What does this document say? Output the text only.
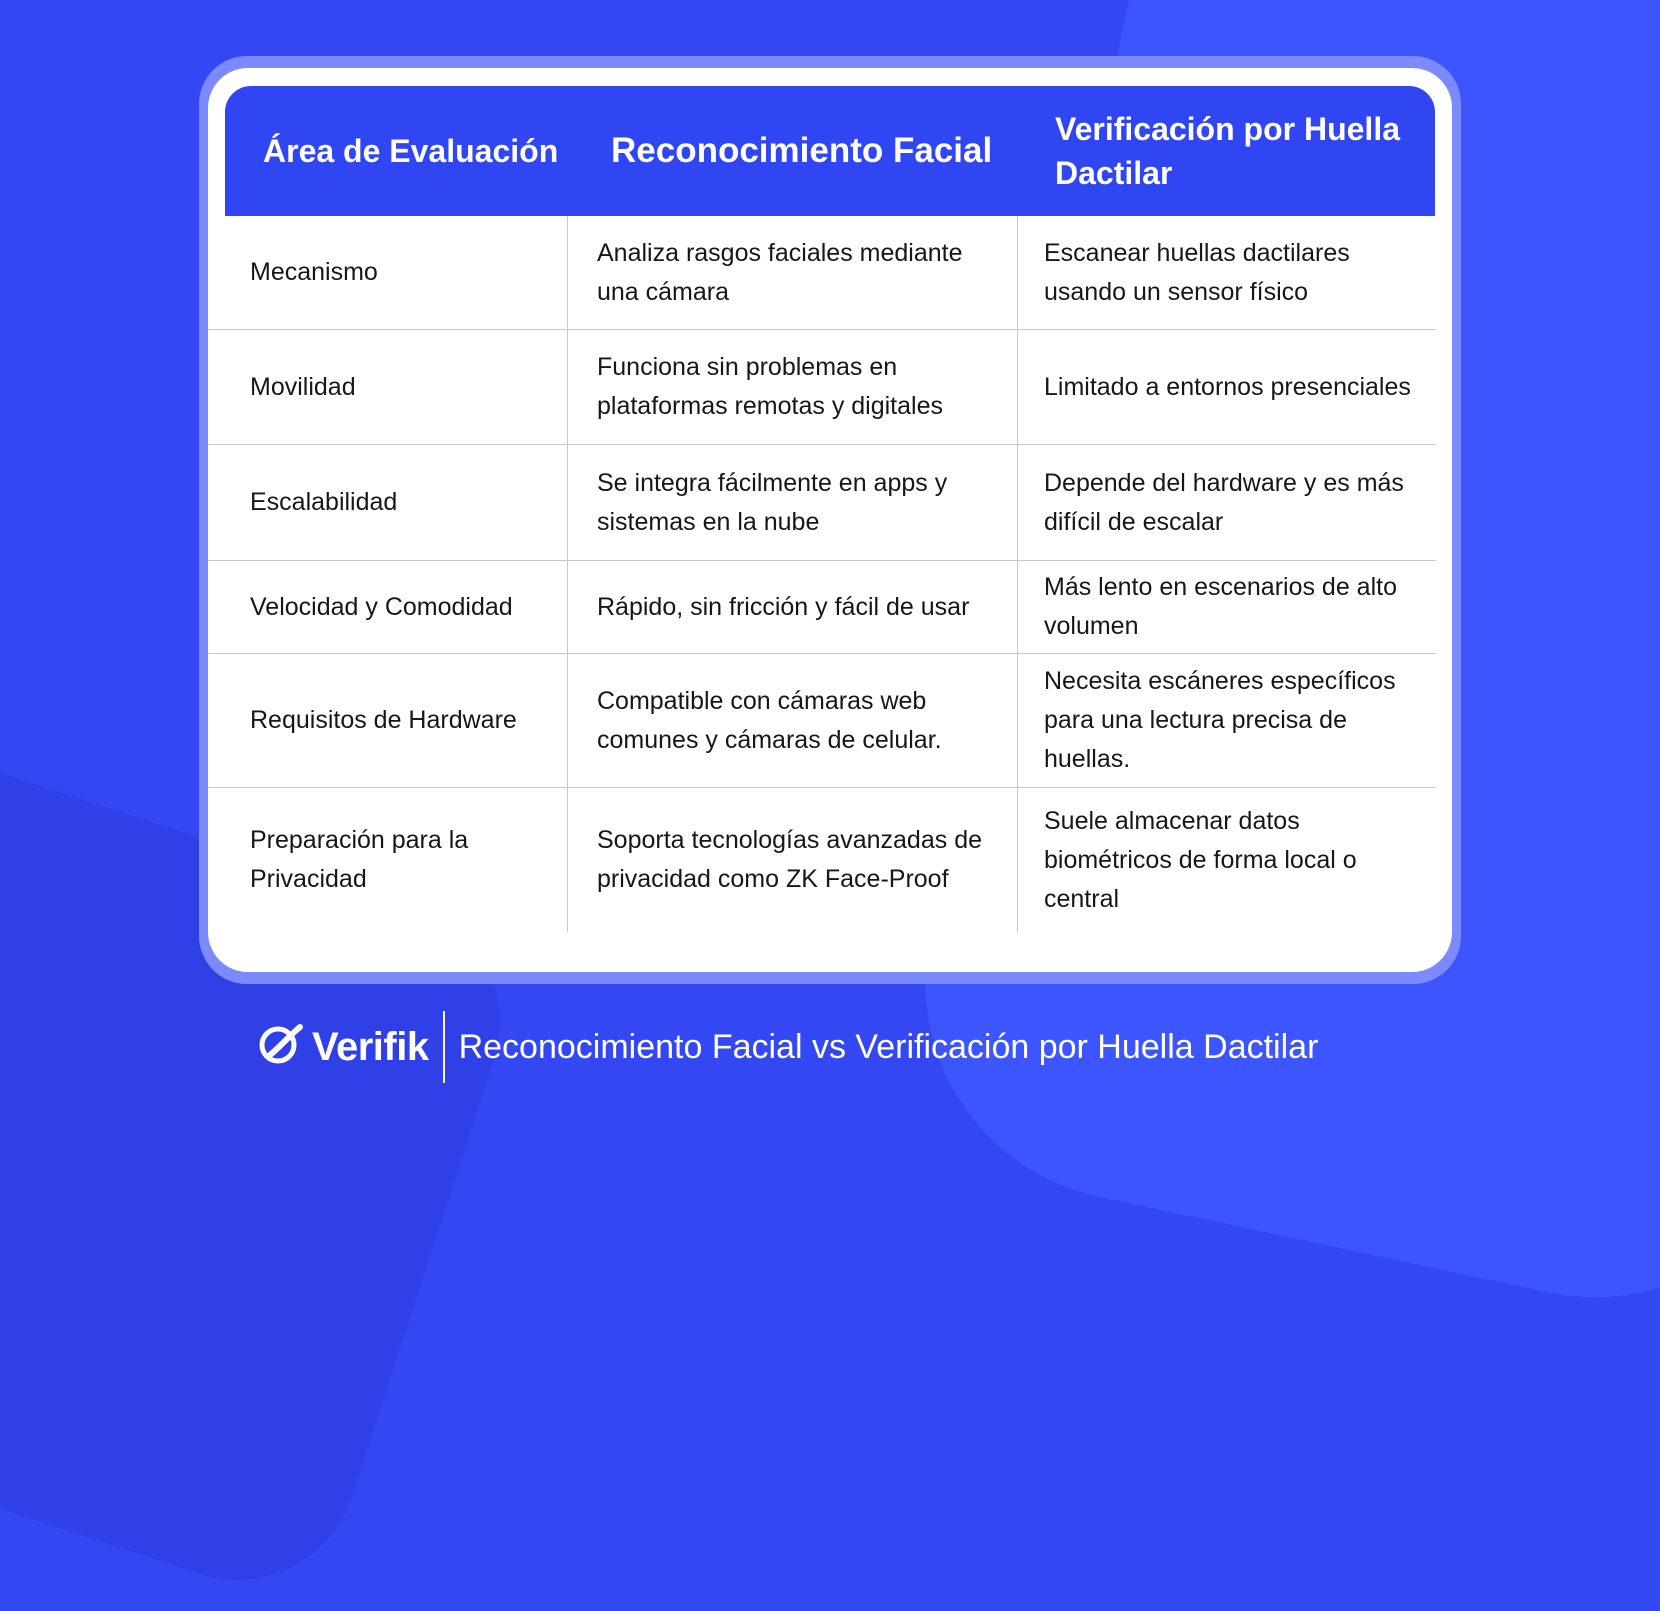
Área de Evaluación	Reconocimiento Facial
Verificación por Huella Dactilar
Mecanismo
Analiza rasgos faciales mediante una cámara
Escanear huellas dactilares usando un sensor físico
Movilidad
Funciona sin problemas en plataformas remotas y digitales
Limitado a entornos presenciales
Escalabilidad
Se integra fácilmente en apps y sistemas en la nube
Depende del hardware y es más difícil de escalar
Velocidad y Comodidad	Rápido, sin fricción y fácil de usar
Más lento en escenarios de alto volumen
Requisitos de Hardware
Compatible con cámaras web comunes y cámaras de celular.
Necesita escáneres específicos para una lectura precisa de huellas.
Preparación para la Privacidad
Soporta tecnologías avanzadas de privacidad como ZK Face-Proof
Suele almacenar datos biométricos de forma local o central
Verifik Reconocimiento Facial vs Verificación por Huella Dactilar
